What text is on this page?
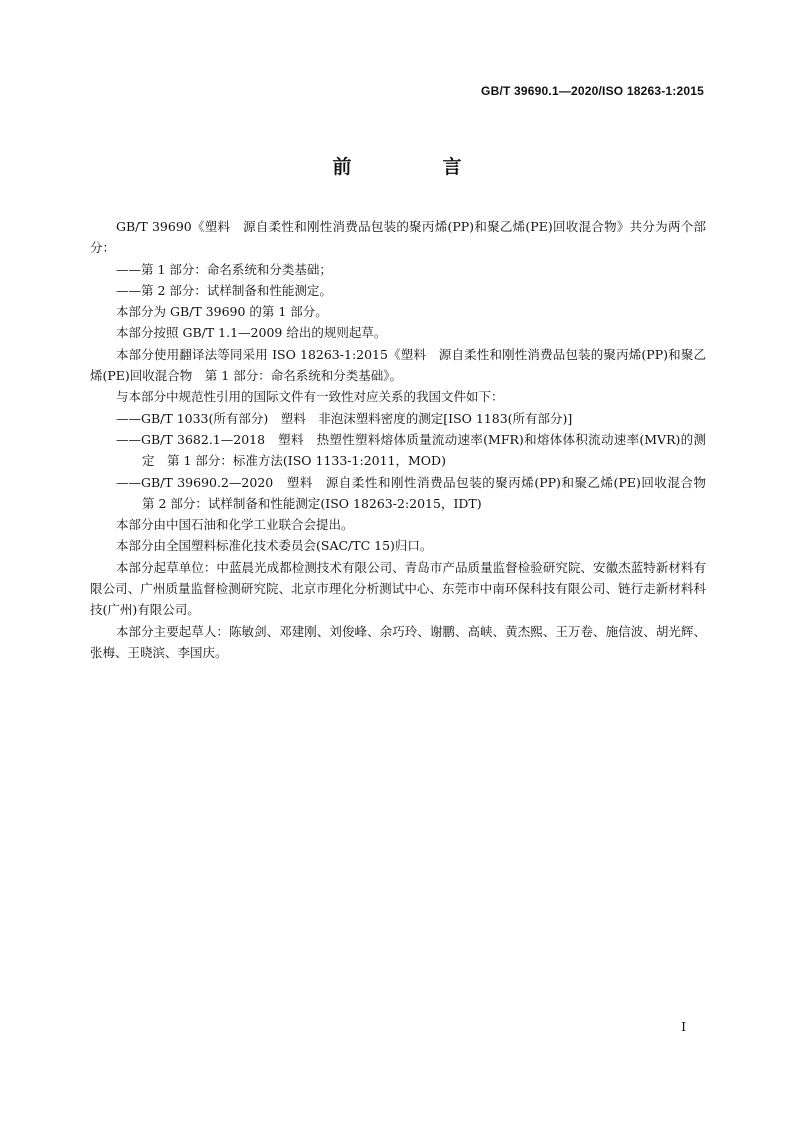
GB/T 39690.1—2020/ISO 18263-1:2015
前　言

GB/T 39690《塑料　源自柔性和刚性消费品包装的聚丙烯(PP)和聚乙烯(PE)回收混合物》共分为两个部分：

——第 1 部分：命名系统和分类基础；

——第 2 部分：试样制备和性能测定。

本部分为 GB/T 39690 的第 1 部分。

本部分按照 GB/T 1.1—2009 给出的规则起草。

本部分使用翻译法等同采用 ISO 18263-1:2015《塑料　源自柔性和刚性消费品包装的聚丙烯(PP)和聚乙烯(PE)回收混合物　第 1 部分：命名系统和分类基础》。

与本部分中规范性引用的国际文件有一致性对应关系的我国文件如下：

——GB/T 1033(所有部分)　塑料　非泡沫塑料密度的测定[ISO 1183(所有部分)]

——GB/T 3682.1—2018　塑料　热塑性塑料熔体质量流动速率(MFR)和熔体体积流动速率(MVR)的测定　第 1 部分：标准方法(ISO 1133-1:2011，MOD)

——GB/T 39690.2—2020　塑料　源自柔性和刚性消费品包装的聚丙烯(PP)和聚乙烯(PE)回收混合物　第 2 部分：试样制备和性能测定(ISO 18263-2:2015，IDT)

本部分由中国石油和化学工业联合会提出。

本部分由全国塑料标准化技术委员会(SAC/TC 15)归口。

本部分起草单位：中蓝晨光成都检测技术有限公司、青岛市产品质量监督检验研究院、安徽杰蓝特新材料有限公司、广州质量监督检测研究院、北京市理化分析测试中心、东莞市中南环保科技有限公司、链行走新材料科技(广州)有限公司。

本部分主要起草人：陈敏剑、邓建刚、刘俊峰、余巧玲、谢鹏、高峡、黄杰熙、王万卷、施信波、胡光辉、张梅、王晓滨、李国庆。

I
